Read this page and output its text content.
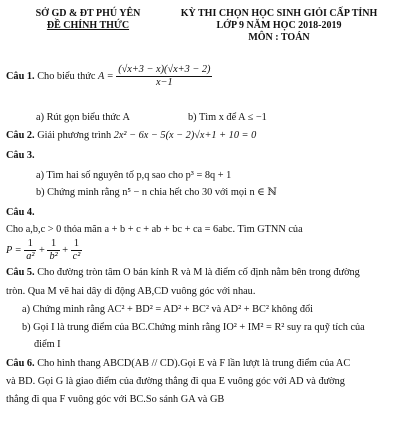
SỞ GD & ĐT PHÚ YÊN
ĐỀ CHÍNH THỨC
KỲ THI CHỌN HỌC SINH GIỎI CẤP TỈNH
LỚP 9 NĂM HỌC 2018-2019
MÔN : TOÁN
Câu 1. Cho biểu thức $A = \frac{(√x+3 - x)(√x+3 - 2)}{x-1}$
a) Rút gọn biểu thức A	b) Tìm x để A ≤ −1
Câu 2. Giải phương trình 2x² − 6x − 5(x − 2)√x+1 + 10 = 0
Câu 3.
a) Tìm hai số nguyên tố p,q sao cho p³ = 8q + 1
b) Chứng minh rằng n⁵ − n chia hết cho 30 với mọi n ∈ ℕ
Câu 4.
Cho a,b,c > 0 thỏa mãn a + b + c + ab + bc + ca = 6abc. Tìm GTNN của
$P = \frac{1}{\text{a²}} + \frac{1}{\text{b²}} + \frac{1}{\text{c²}}$
Câu 5. Cho đường tròn tâm O bán kính R và M là điểm cố định nằm bên trong đường
tròn. Qua M vẽ hai dây di động AB,CD vuông góc với nhau.
a) Chứng minh rằng AC² + BD² = AD² + BC² và AD² + BC² không đổi
b) Gọi I là trung điểm của BC.Chứng minh rằng IO² + IM² = R² suy ra quỹ tích của
điểm I
Câu 6. Cho hình thang ABCD(AB // CD).Gọi E và F lần lượt là trung điểm của AC
và BD. Gọi G là giao điểm của đường thẳng đi qua E vuông góc với AD và đường
thẳng đi qua F vuông góc với BC.So sánh GA và GB
